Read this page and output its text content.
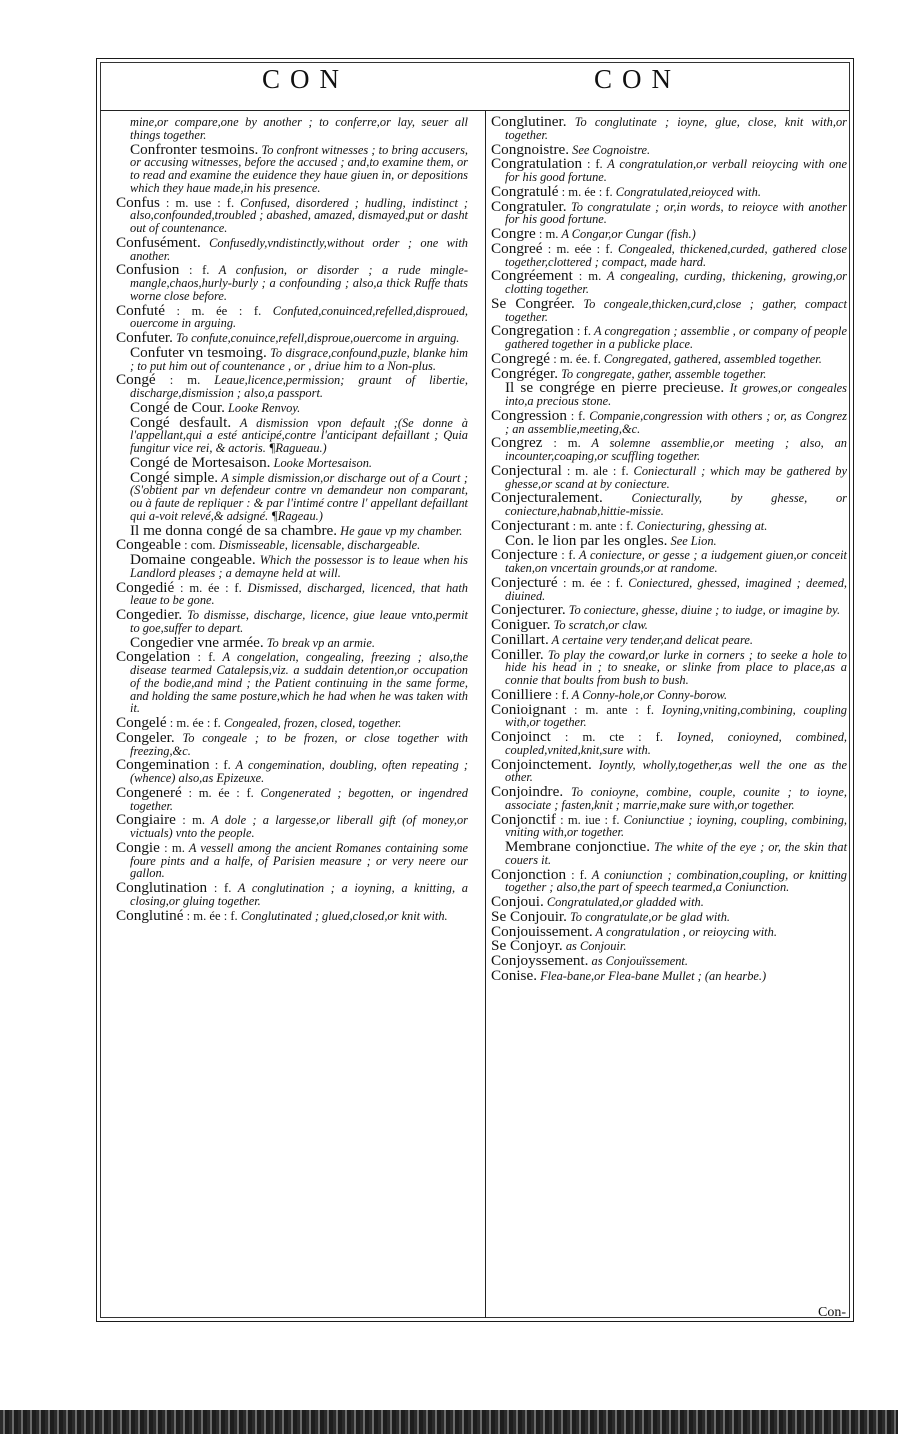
CON	CON
mine,or compare,one by another ; to conferre,or lay, seuer all things together.
Confronter tesmoins. To confront witnesses ; to bring accusers, or accusing witnesses, before the accused ; and,to examine them, or to read and examine the euidence they haue giuen in, or depositions which they haue made,in his presence.
Confus : m. use : f. Confused, disordered ; hudling, indistinct ; also,confounded,troubled ; abashed, amazed, dismayed,put or dasht out of countenance.
Confusément. Confusedly,vndistinctly,without order ; one with another.
Confusion : f. A confusion, or disorder ; a rude mingle-mangle,chaos,hurly-burly ; a confounding ; also,a thick Ruffe thats worne close before.
Confuté : m. ée : f. Confuted,conuinced,refelled,disproued, ouercome in arguing.
Confuter. To confute,conuince,refell,disproue,ouercome in arguing.
Confuter vn tesmoing. To disgrace,confound,puzle, blanke him ; to put him out of countenance , or , driue him to a Non-plus.
Congé : m. Leaue,licence,permission; graunt of libertie, discharge,dismission ; also,a passport.
Congé de Cour. Looke Renvoy.
Congé desfault. A dismission vpon default ;(Se donne à l'appellant,qui a esté anticipé,contre l'anticipant defaillant ; Quia fungitur vice rei, & actoris. ¶Ragueau.)
Congé de Mortesaison. Looke Mortesaison.
Congé simple. A simple dismission,or discharge out of a Court ; (S'obtient par vn defendeur contre vn demandeur non comparant, ou à faute de repliquer : & par l'intimé contre l' appellant defaillant qui a-voit relevé,& adsigné. ¶Rageau.)
Il me donna congé de sa chambre. He gaue vp my chamber.
Congeable : com. Dismisseable, licensable, dischargeable.
Domaine congeable. Which the possessor is to leaue when his Landlord pleases ; a demayne held at will.
Congedié : m. ée : f. Dismissed, discharged, licenced, that hath leaue to be gone.
Congedier. To dismisse, discharge, licence, giue leaue vnto,permit to goe,suffer to depart.
Congedier vne armée. To break vp an armie.
Congelation : f. A congelation, congealing, freezing ; also,the disease tearmed Catalepsis,viz. a suddain detention,or occupation of the bodie,and mind ; the Patient continuing in the same forme, and holding the same posture,which he had when he was taken with it.
Congelé : m. ée : f. Congealed, frozen, closed, together.
Congeler. To congeale ; to be frozen, or close together with freezing,&c.
Congemination : f. A congemination, doubling, often repeating ; (whence) also,as Epizeuxe.
Congeneré : m. ée : f. Congenerated ; begotten, or ingendred together.
Congiaire : m. A dole ; a largesse,or liberall gift (of money,or victuals) vnto the people.
Congie : m. A vessell among the ancient Romanes containing some foure pints and a halfe, of Parisien measure ; or very neere our gallon.
Conglutination : f. A conglutination ; a ioyning, a knitting, a closing,or gluing together.
Conglutiné : m. ée : f. Conglutinated ; glued,closed,or knit with.
Conglutiner. To conglutinate ; ioyne, glue, close, knit with,or together.
Congnoistre. See Cognoistre.
Congratulation : f. A congratulation,or verball reioycing with one for his good fortune.
Congratulé : m. ée : f. Congratulated,reioyced with.
Congratuler. To congratulate ; or,in words, to reioyce with another for his good fortune.
Congre : m. A Congar,or Cungar (fish.)
Congreé : m. eée : f. Congealed, thickened,curded, gathered close together,clottered ; compact, made hard.
Congréement : m. A congealing, curding, thickening, growing,or clotting together.
Se Congréer. To congeale,thicken,curd,close ; gather, compact together.
Congregation : f. A congregation ; assemblie , or company of people gathered together in a publicke place.
Congregé : m. ée. f. Congregated, gathered, assembled together.
Congréger. To congregate, gather, assemble together.
Il se congrége en pierre precieuse. It growes,or congeales into,a precious stone.
Congression : f. Companie,congression with others ; or, as Congrez ; an assemblie,meeting,&c.
Congrez : m. A solemne assemblie,or meeting ; also, an incounter,coaping,or scuffling together.
Conjectural : m. ale : f. Coniecturall ; which may be gathered by ghesse,or scand at by coniecture.
Conjecturalement. Coniecturally, by ghesse, or coniecture,habnab,hittie-missie.
Conjecturant : m. ante : f. Coniecturing, ghessing at.
Con. le lion par les ongles. See Lion.
Conjecture : f. A coniecture, or gesse ; a iudgement giuen,or conceit taken,on vncertain grounds,or at randome.
Conjecturé : m. ée : f. Coniectured, ghessed, imagined ; deemed, diuined.
Conjecturer. To coniecture, ghesse, diuine ; to iudge, or imagine by.
Coniguer. To scratch,or claw.
Conillart. A certaine very tender,and delicat peare.
Coniller. To play the coward,or lurke in corners ; to seeke a hole to hide his head in ; to sneake, or slinke from place to place,as a connie that boults from bush to bush.
Conilliere : f. A Conny-hole,or Conny-borow.
Conioignant : m. ante : f. Ioyning,vniting,combining, coupling with,or together.
Conjoinct : m. cte : f. Ioyned, conioyned, combined, coupled,vnited,knit,sure with.
Conjoinctement. Ioyntly, wholly,together,as well the one as the other.
Conjoindre. To conioyne, combine, couple, counite ; to ioyne, associate ; fasten,knit ; marrie,make sure with,or together.
Conjonctif : m. iue : f. Coniunctiue ; ioyning, coupling, combining, vniting with,or together.
Membrane conjonctiue. The white of the eye ; or, the skin that couers it.
Conjonction : f. A coniunction ; combination,coupling, or knitting together ; also,the part of speech tearmed,a Coniunction.
Conjoui. Congratulated,or gladded with.
Se Conjouir. To congratulate,or be glad with.
Conjouissement. A congratulation , or reioycing with.
Se Conjoyr. as Conjouir.
Conjoyssement. as Conjouïssement.
Conise. Flea-bane,or Flea-bane Mullet ; (an hearbe.)
Con-
